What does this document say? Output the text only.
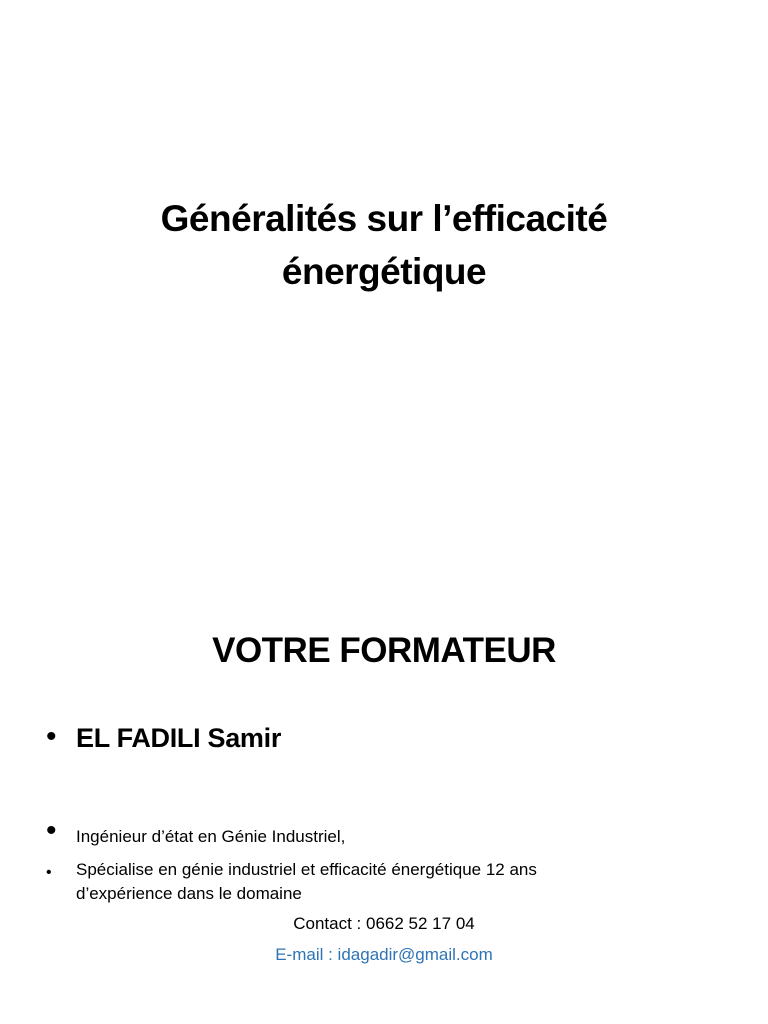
Généralités sur l’efficacité
énergétique
VOTRE FORMATEUR
• EL FADILI Samir
• Ingénieur d’état en Génie Industriel,
• Spécialise en génie industriel et efficacité énergétique 12 ans
d’expérience dans le domaine
Contact : 0662 52 17 04
E-mail : idagadir@gmail.com
